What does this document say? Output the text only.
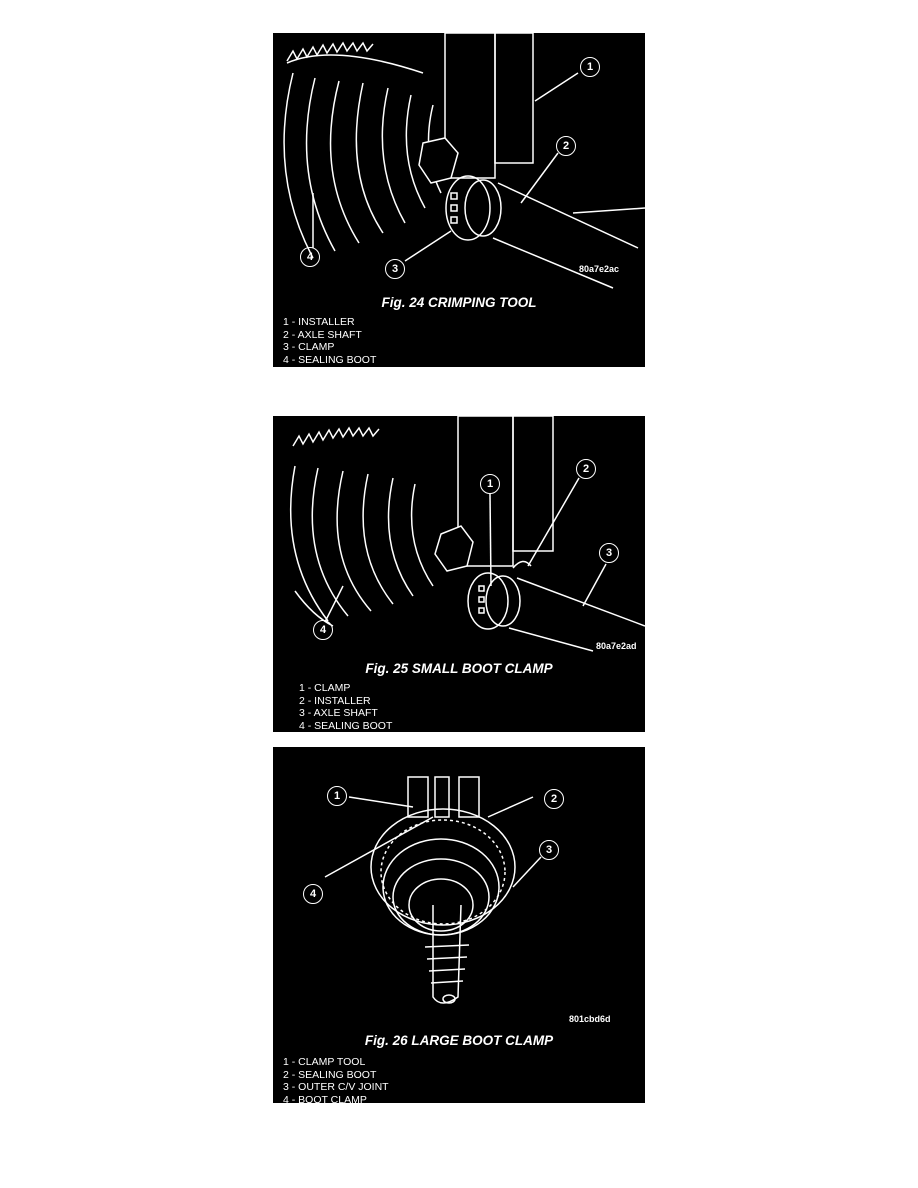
1
2
3
4
80a7e2ac
Fig. 24 CRIMPING TOOL
1 - INSTALLER
2 - AXLE SHAFT
3 - CLAMP
4 - SEALING BOOT
1
2
3
4
80a7e2ad
Fig. 25 SMALL BOOT CLAMP
1 - CLAMP
2 - INSTALLER
3 - AXLE SHAFT
4 - SEALING BOOT
1	2
3
4
801cbd6d
Fig. 26 LARGE BOOT CLAMP
1 - CLAMP TOOL
2 - SEALING BOOT
3 - OUTER C/V JOINT
4 - BOOT CLAMP
